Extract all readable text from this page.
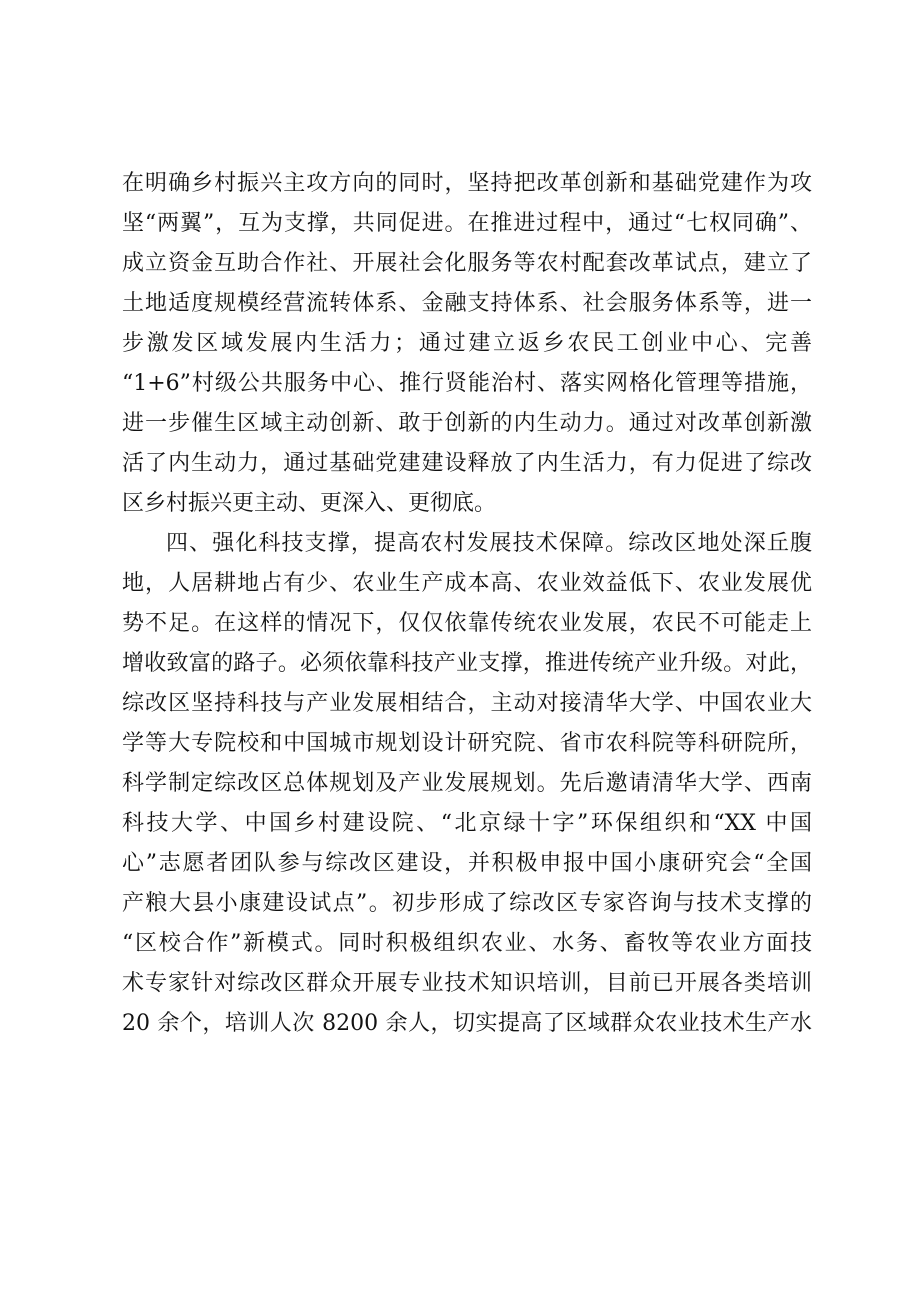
在明确乡村振兴主攻方向的同时，坚持把改革创新和基础党建作为攻
坚“两翼”，互为支撑，共同促进。在推进过程中，通过“七权同确”、
成立资金互助合作社、开展社会化服务等农村配套改革试点，建立了
土地适度规模经营流转体系、金融支持体系、社会服务体系等，进一
步激发区域发展内生活力；通过建立返乡农民工创业中心、完善
“1+6”村级公共服务中心、推行贤能治村、落实网格化管理等措施，
进一步催生区域主动创新、敢于创新的内生动力。通过对改革创新激
活了内生动力，通过基础党建建设释放了内生活力，有力促进了综改
区乡村振兴更主动、更深入、更彻底。
四、强化科技支撑，提高农村发展技术保障。综改区地处深丘腹
地，人居耕地占有少、农业生产成本高、农业效益低下、农业发展优
势不足。在这样的情况下，仅仅依靠传统农业发展，农民不可能走上
增收致富的路子。必须依靠科技产业支撑，推进传统产业升级。对此，
综改区坚持科技与产业发展相结合，主动对接清华大学、中国农业大
学等大专院校和中国城市规划设计研究院、省市农科院等科研院所，
科学制定综改区总体规划及产业发展规划。先后邀请清华大学、西南
科技大学、中国乡村建设院、“北京绿十字”环保组织和“XX 中国
心”志愿者团队参与综改区建设，并积极申报中国小康研究会“全国
产粮大县小康建设试点”。初步形成了综改区专家咨询与技术支撑的
“区校合作”新模式。同时积极组织农业、水务、畜牧等农业方面技
术专家针对综改区群众开展专业技术知识培训，目前已开展各类培训
20 余个，培训人次 8200 余人，切实提高了区域群众农业技术生产水
